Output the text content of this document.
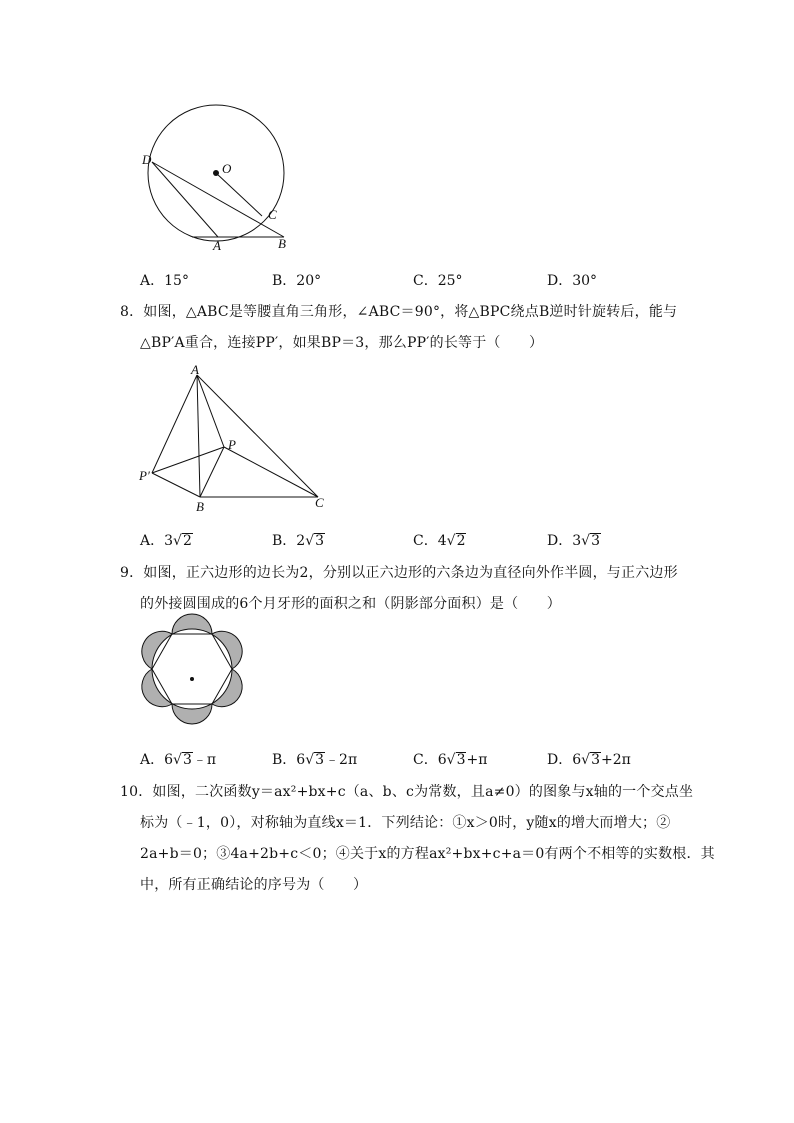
D
O
C
A	B
A．15°	B．20°	C．25°	D．30°
8．如图，△ABC是等腰直角三角形，∠ABC＝90°，将△BPC绕点B逆时针旋转后，能与
△BP′A重合，连接PP′，如果BP＝3，那么PP′的长等于（　　）
A
P
P′
B	C
A．3√2	B．2√3	C．4√2	D．3√3
9．如图，正六边形的边长为2，分别以正六边形的六条边为直径向外作半圆，与正六边形
的外接圆围成的6个月牙形的面积之和（阴影部分面积）是（　　）
A．6√3﹣π	B．6√3﹣2π	C．6√3+π	D．6√3+2π
10．如图，二次函数y＝ax²+bx+c（a、b、c为常数，且a≠0）的图象与x轴的一个交点坐
标为（﹣1，0），对称轴为直线x＝1．下列结论：①x＞0时，y随x的增大而增大；②
2a+b＝0；③4a+2b+c＜0；④关于x的方程ax²+bx+c+a＝0有两个不相等的实数根．其
中，所有正确结论的序号为（　　）
